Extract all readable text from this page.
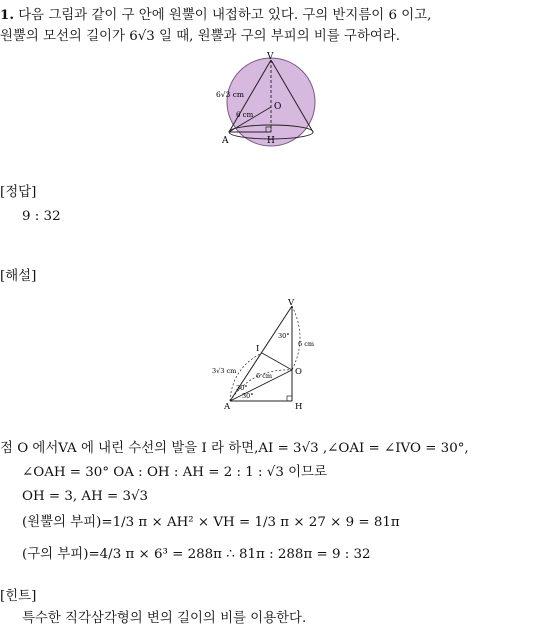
1. 다음 그림과 같이 구 안에 원뿔이 내접하고 있다. 구의 반지름이 6 이고,
원뿔의 모선의 길이가 6√3 일 때, 원뿔과 구의 부피의 비를 구하여라.
V
O
A	H
6√3 cm
6 cm
[정답]
9 : 32
[해설]
V
I
O
A	H
30°
30°
30°
6 cm
6 cm
3√3 cm
점 O 에서VA 에 내린 수선의 발을 I 라 하면,AI = 3√3 ,∠OAI = ∠IVO = 30°,
∠OAH = 30° OA : OH : AH = 2 : 1 : √3 이므로
OH = 3, AH = 3√3
(원뿔의 부피)=1/3 π × AH² × VH = 1/3 π × 27 × 9 = 81π
(구의 부피)=4/3 π × 6³ = 288π ∴ 81π : 288π = 9 : 32
[힌트]
특수한 직각삼각형의 변의 길이의 비를 이용한다.
